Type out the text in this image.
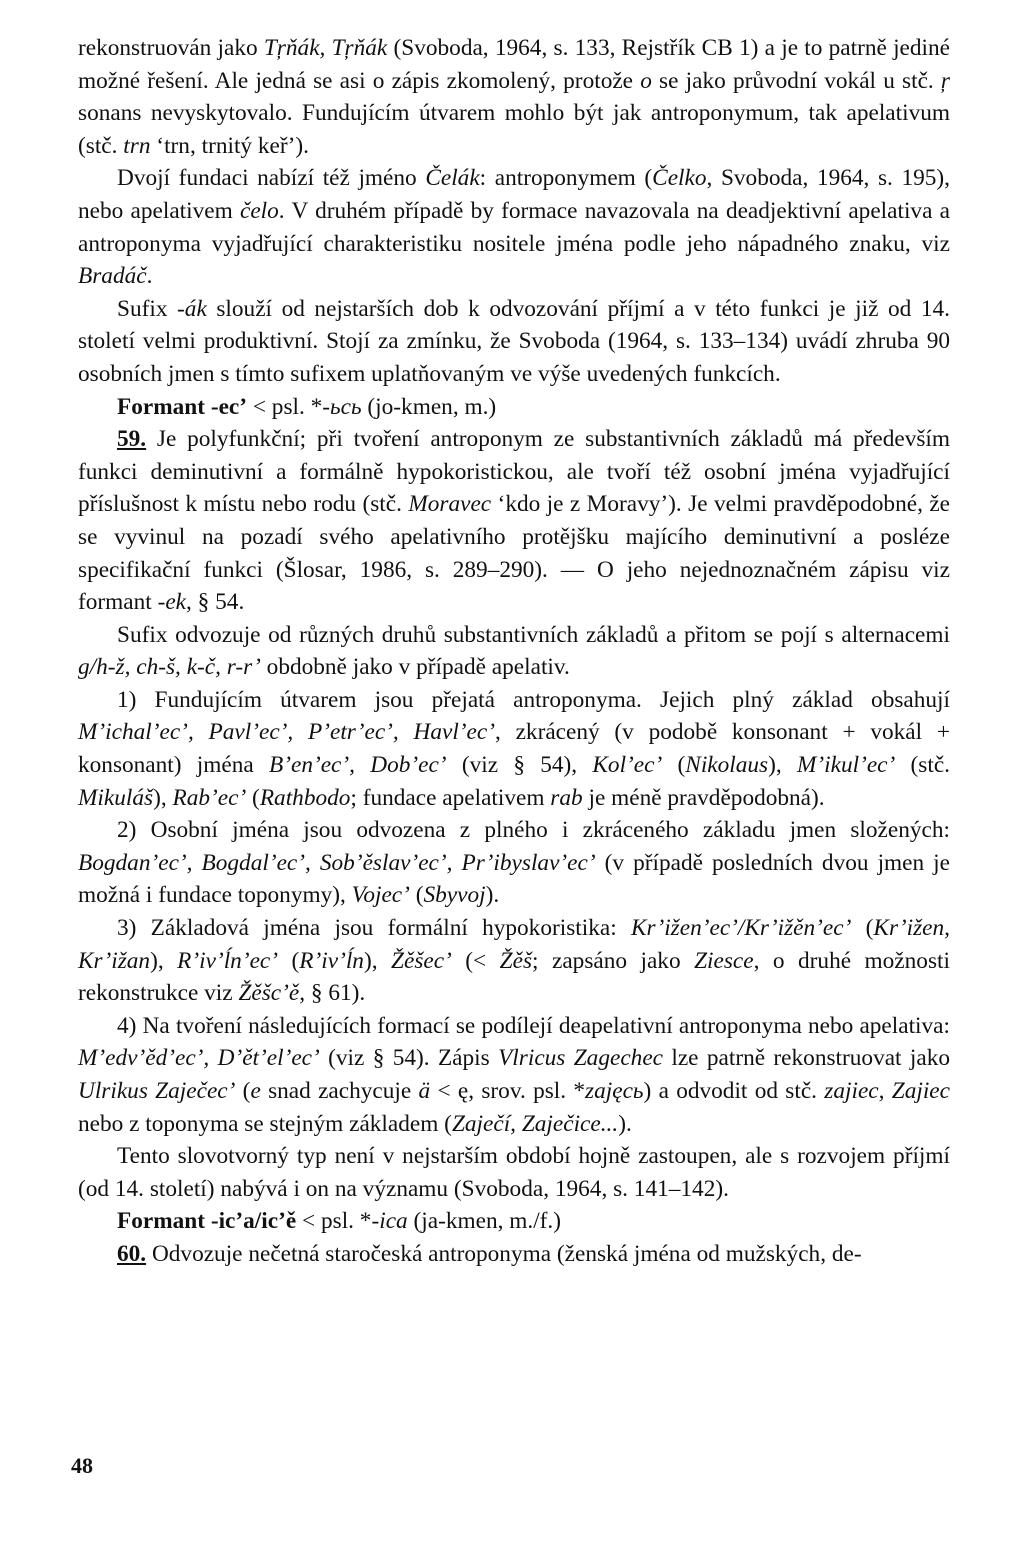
rekonstruován jako Tŗňák, Tŗňák (Svoboda, 1964, s. 133, Rejstřík CB 1) a je to patrně jediné možné řešení. Ale jedná se asi o zápis zkomolený, protože o se jako průvodní vokál u stč. ŗ sonans nevyskytovalo. Fundujícím útvarem mohlo být jak antroponymum, tak apelativum (stč. trn ‘trn, trnitý keř’).

Dvojí fundaci nabízí též jméno Čelák: antroponymem (Čelko, Svoboda, 1964, s. 195), nebo apelativem čelo. V druhém případě by formace navazovala na deadjektivní apelativa a antroponyma vyjadřující charakteristiku nositele jména podle jeho nápadného znaku, viz Bradáč.

Sufix -ák slouží od nejstarších dob k odvozování příjmí a v této funkci je již od 14. století velmi produktivní. Stojí za zmínku, že Svoboda (1964, s. 133–134) uvádí zhruba 90 osobních jmen s tímto sufixem uplatňovaným ve výše uvedených funkcích.

Formant -ec’ < psl. *-ьcь (jo-kmen, m.)

59. Je polyfunkční; při tvoření antroponym ze substantivních základů má především funkci deminutivní a formálně hypokoristickou, ale tvoří též osobní jména vyjadřující příslušnost k místu nebo rodu (stč. Moravec ‘kdo je z Moravy’). Je velmi pravděpodobné, že se vyvinul na pozadí svého apelativního protějšku majícího deminutivní a posléze specifikační funkci (Šlosar, 1986, s. 289–290). — O jeho nejednoznačném zápisu viz formant -ek, § 54.

Sufix odvozuje od různých druhů substantivních základů a přitom se pojí s alternacemi g/h-ž, ch-š, k-č, r-r’ obdobně jako v případě apelativ.

1) Fundujícím útvarem jsou přejatá antroponyma. Jejich plný základ obsahují M’ichal’ec’, Pavl’ec’, P’etr’ec’, Havl’ec’, zkrácený (v podobě konsonant + vokál + konsonant) jména B’en’ec’, Dob’ec’ (viz § 54), Kol’ec’ (Nikolaus), M’ikul’ec’ (stč. Mikuláš), Rab’ec’ (Rathbodo; fundace apelativem rab je méně pravděpodobná).

2) Osobní jména jsou odvozena z plného i zkráceného základu jmen složených: Bogdan’ec’, Bogdal’ec’, Sob’ěslav’ec’, Pr’ibyslav’ec’ (v případě posledních dvou jmen je možná i fundace toponymy), Vojec’ (Sbyvoj).

3) Základová jména jsou formální hypokoristika: Kr’ižen’ec’/Kr’ižěn’ec’ (Kr’ižen, Kr’ižan), R’iv’ĺn’ec’ (R’iv’ĺn), Žěšec’ (< Žěš; zapsáno jako Ziesce, o druhé možnosti rekonstrukce viz Žěšc’ě, § 61).

4) Na tvoření následujících formací se podílejí deapelativní antroponyma nebo apelativa: M’edv’ěd’ec’, D’ět’el’ec’ (viz § 54). Zápis Vlricus Zagechec lze patrně rekonstruovat jako Ulrikus Zaječec’ (e snad zachycuje ä < ę, srov. psl. *zajęcь) a odvodit od stč. zajiec, Zajiec nebo z toponyma se stejným základem (Zaječí, Zaječice...).

Tento slovotvorný typ není v nejstarším období hojně zastoupen, ale s rozvojem příjmí (od 14. století) nabývá i on na významu (Svoboda, 1964, s. 141–142).

Formant -ic’a/ic’ě < psl. *-ica (ja-kmen, m./f.)

60. Odvozuje nečetná staročeská antroponyma (ženská jména od mužských, de-

48
